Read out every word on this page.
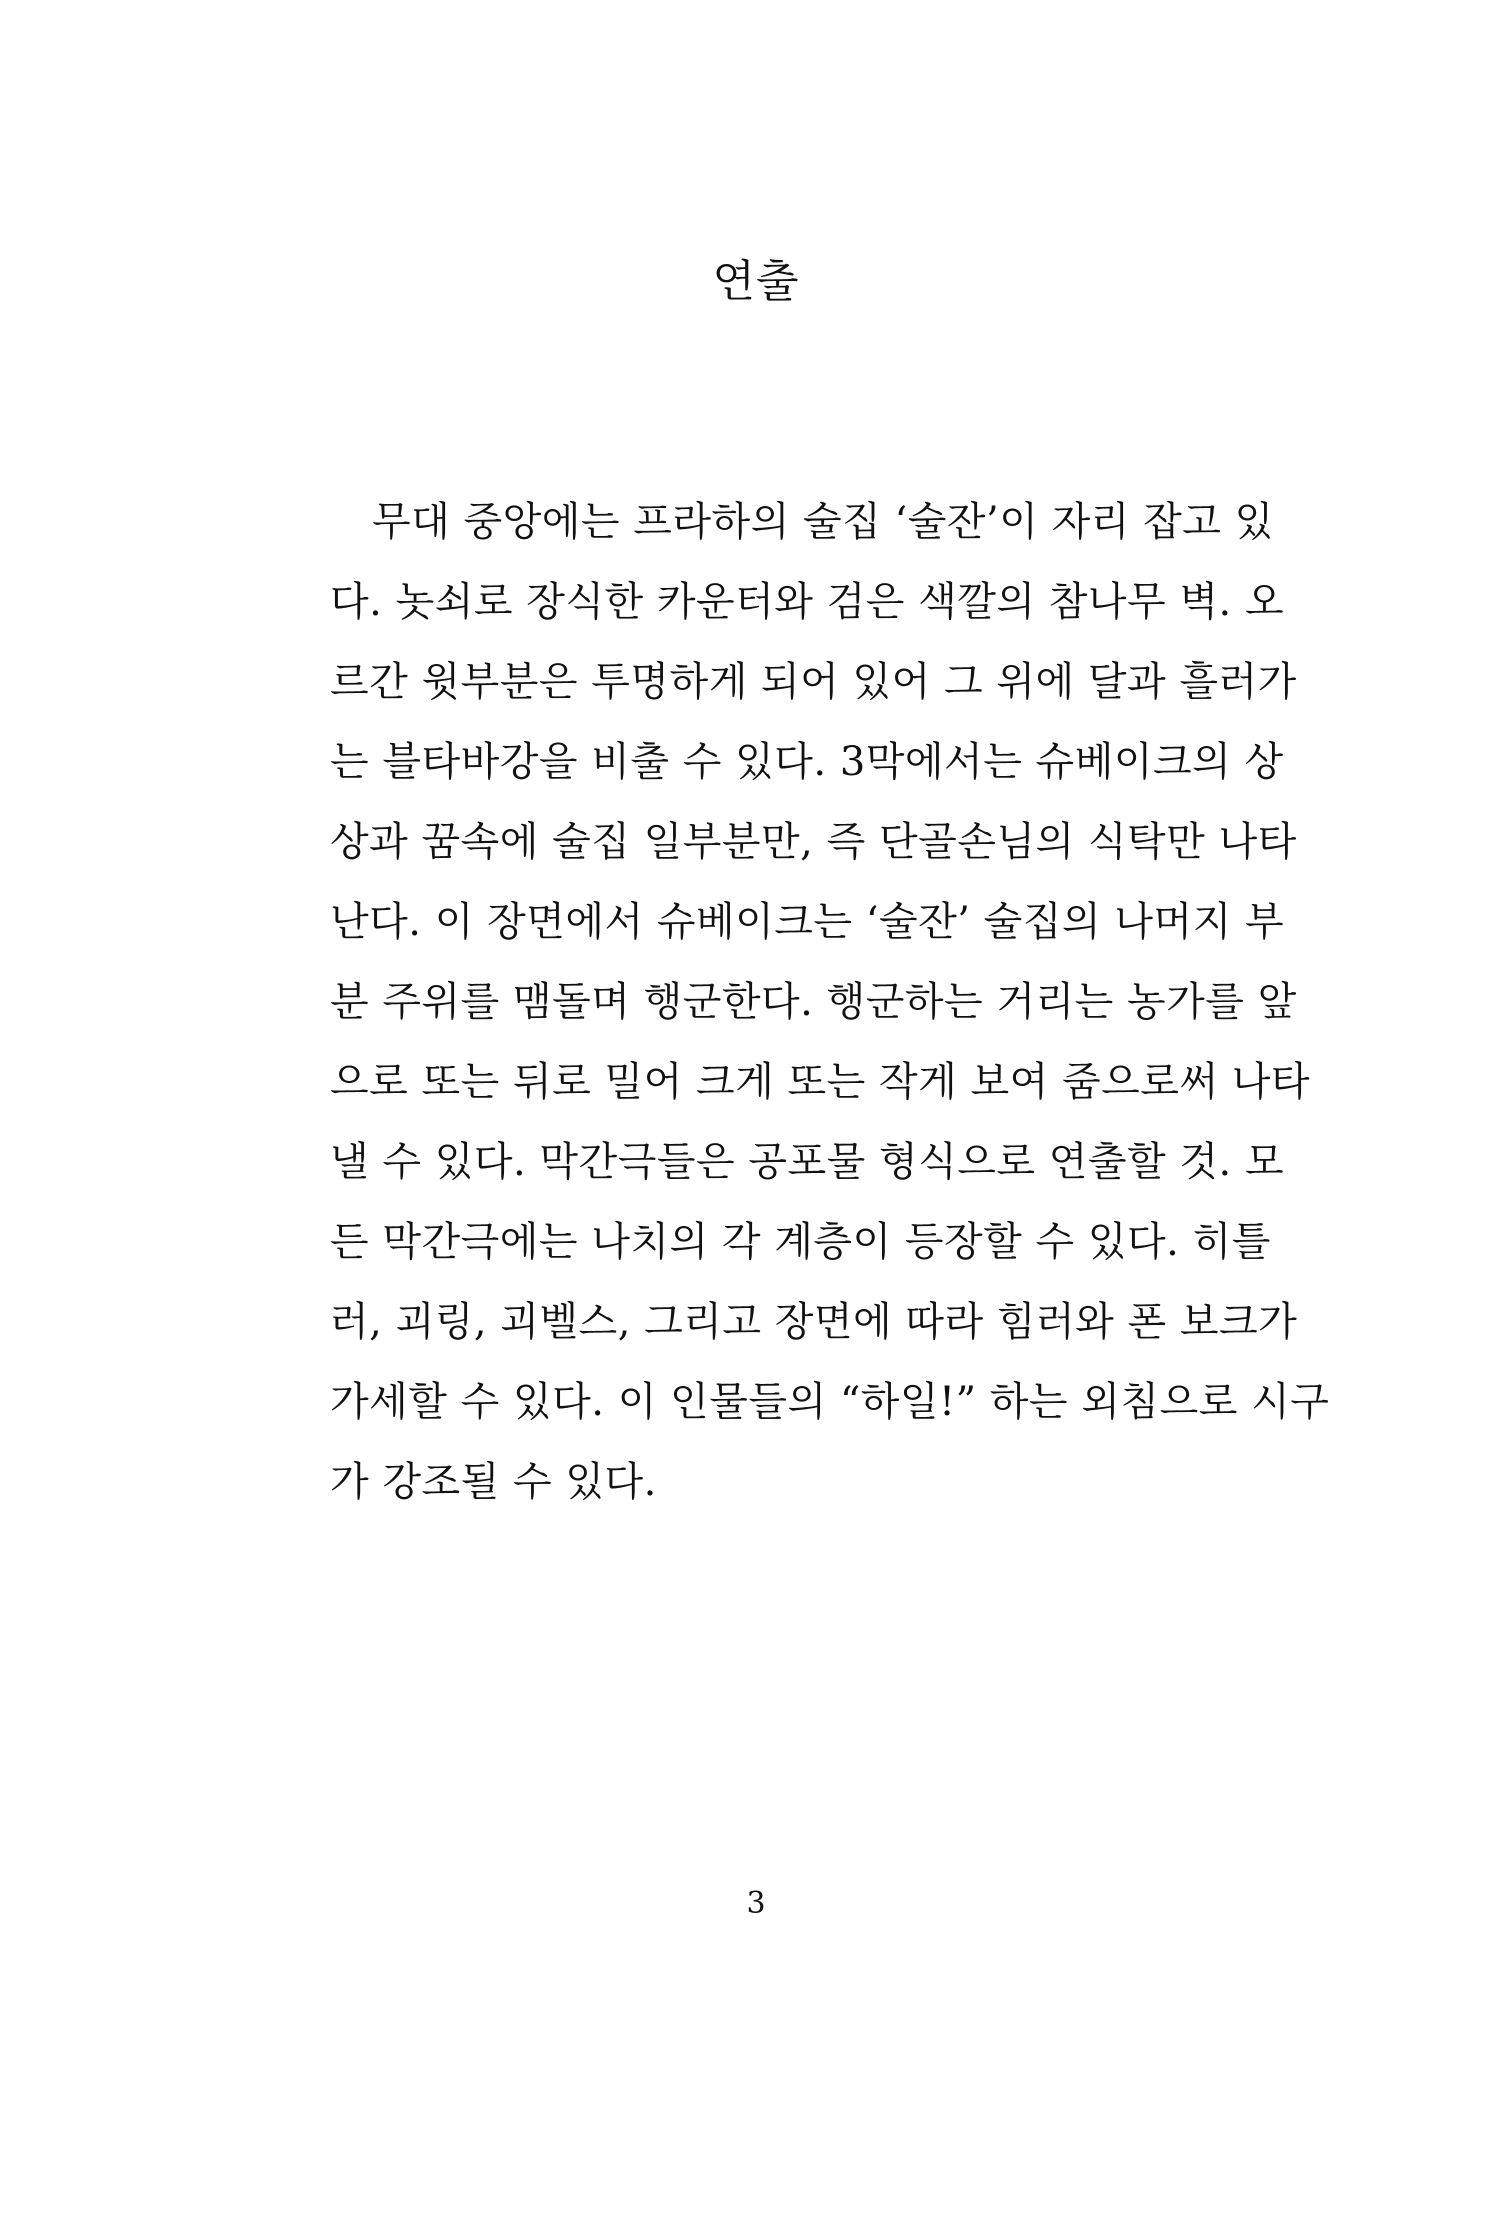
연출
무대 중앙에는 프라하의 술집 ‘술잔’이 자리 잡고 있
다. 놋쇠로 장식한 카운터와 검은 색깔의 참나무 벽. 오
르간 윗부분은 투명하게 되어 있어 그 위에 달과 흘러가
는 블타바강을 비출 수 있다. 3막에서는 슈베이크의 상
상과 꿈속에 술집 일부분만, 즉 단골손님의 식탁만 나타
난다. 이 장면에서 슈베이크는 ‘술잔’ 술집의 나머지 부
분 주위를 맴돌며 행군한다. 행군하는 거리는 농가를 앞
으로 또는 뒤로 밀어 크게 또는 작게 보여 줌으로써 나타
낼 수 있다. 막간극들은 공포물 형식으로 연출할 것. 모
든 막간극에는 나치의 각 계층이 등장할 수 있다. 히틀
러, 괴링, 괴벨스, 그리고 장면에 따라 힘러와 폰 보크가
가세할 수 있다. 이 인물들의 “하일!” 하는 외침으로 시구
가 강조될 수 있다.
3
